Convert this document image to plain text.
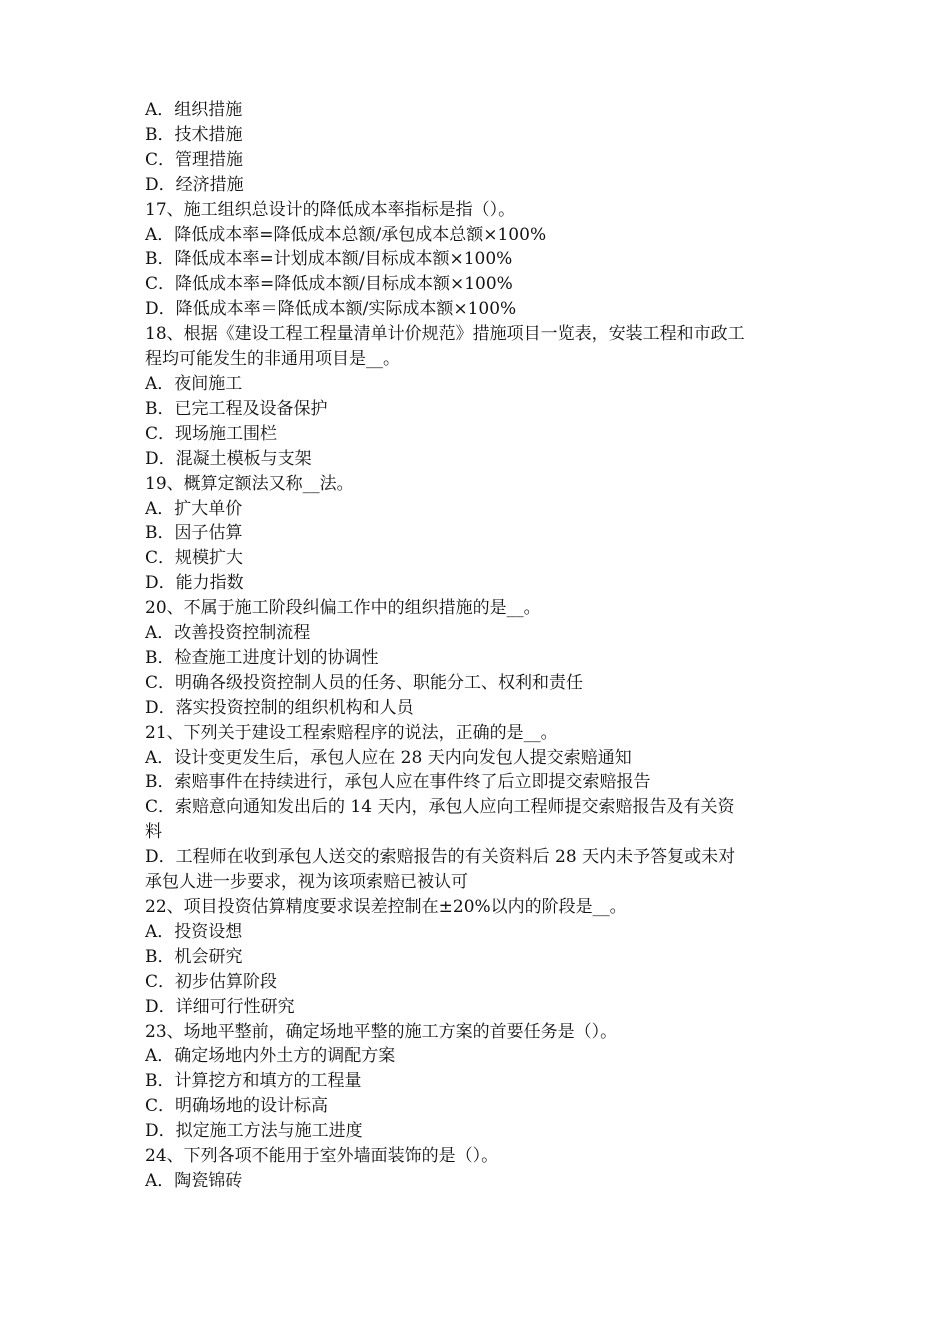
A．组织措施
B．技术措施
C．管理措施
D．经济措施
17、施工组织总设计的降低成本率指标是指（）。
A．降低成本率=降低成本总额/承包成本总额×100%
B．降低成本率=计划成本额/目标成本额×100%
C．降低成本率=降低成本额/目标成本额×100%
D．降低成本率＝降低成本额/实际成本额×100%
18、根据《建设工程工程量清单计价规范》措施项目一览表，安装工程和市政工
程均可能发生的非通用项目是__。
A．夜间施工
B．已完工程及设备保护
C．现场施工围栏
D．混凝土模板与支架
19、概算定额法又称__法。
A．扩大单价
B．因子估算
C．规模扩大
D．能力指数
20、不属于施工阶段纠偏工作中的组织措施的是__。
A．改善投资控制流程
B．检查施工进度计划的协调性
C．明确各级投资控制人员的任务、职能分工、权利和责任
D．落实投资控制的组织机构和人员
21、下列关于建设工程索赔程序的说法，正确的是__。
A．设计变更发生后，承包人应在 28 天内向发包人提交索赔通知
B．索赔事件在持续进行，承包人应在事件终了后立即提交索赔报告
C．索赔意向通知发出后的 14 天内，承包人应向工程师提交索赔报告及有关资
料
D．工程师在收到承包人送交的索赔报告的有关资料后 28 天内未予答复或未对
承包人进一步要求，视为该项索赔已被认可
22、项目投资估算精度要求误差控制在±20%以内的阶段是__。
A．投资设想
B．机会研究
C．初步估算阶段
D．详细可行性研究
23、场地平整前，确定场地平整的施工方案的首要任务是（）。
A．确定场地内外土方的调配方案
B．计算挖方和填方的工程量
C．明确场地的设计标高
D．拟定施工方法与施工进度
24、下列各项不能用于室外墙面装饰的是（）。
A．陶瓷锦砖
